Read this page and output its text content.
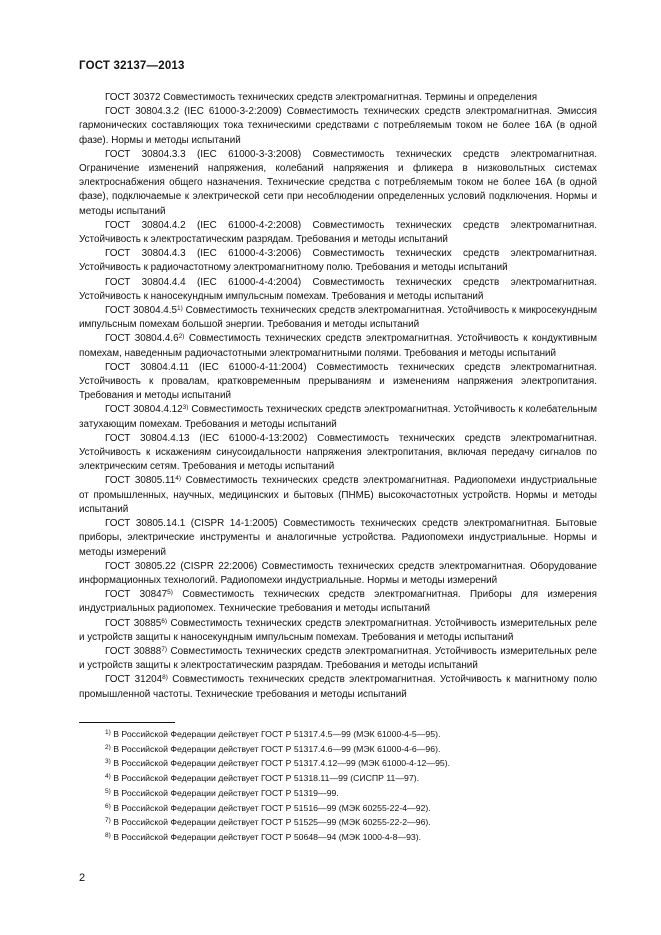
ГОСТ 32137—2013

ГОСТ 30372 Совместимость технических средств электромагнитная. Термины и определения

ГОСТ 30804.3.2 (IEC 61000-3-2:2009) Совместимость технических средств электромагнитная. Эмиссия гармонических составляющих тока техническими средствами с потребляемым током не более 16А (в одной фазе). Нормы и методы испытаний

ГОСТ 30804.3.3 (IEC 61000-3-3:2008) Совместимость технических средств электромагнитная. Ограничение изменений напряжения, колебаний напряжения и фликера в низковольтных системах электроснабжения общего назначения. Технические средства с потребляемым током не более 16А (в одной фазе), подключаемые к электрической сети при несоблюдении определенных условий подключения. Нормы и методы испытаний

ГОСТ 30804.4.2 (IEC 61000-4-2:2008) Совместимость технических средств электромагнитная. Устойчивость к электростатическим разрядам. Требования и методы испытаний

ГОСТ 30804.4.3 (IEC 61000-4-3:2006) Совместимость технических средств электромагнитная. Устойчивость к радиочастотному электромагнитному полю. Требования и методы испытаний

ГОСТ 30804.4.4 (IEC 61000-4-4:2004) Совместимость технических средств электромагнитная. Устойчивость к наносекундным импульсным помехам. Требования и методы испытаний

ГОСТ 30804.4.5$^{1)}$ Совместимость технических средств электромагнитная. Устойчивость к микросекундным импульсным помехам большой энергии. Требования и методы испытаний

ГОСТ 30804.4.6$^{2)}$ Совместимость технических средств электромагнитная. Устойчивость к кондуктивным помехам, наведенным радиочастотными электромагнитными полями. Требования и методы испытаний

ГОСТ 30804.4.11 (IEC 61000-4-11:2004) Совместимость технических средств электромагнитная. Устойчивость к провалам, кратковременным прерываниям и изменениям напряжения электропитания. Требования и методы испытаний

ГОСТ 30804.4.12$^{3)}$ Совместимость технических средств электромагнитная. Устойчивость к колебательным затухающим помехам. Требования и методы испытаний

ГОСТ 30804.4.13 (IEC 61000-4-13:2002) Совместимость технических средств электромагнитная. Устойчивость к искажениям синусоидальности напряжения электропитания, включая передачу сигналов по электрическим сетям. Требования и методы испытаний

ГОСТ 30805.11$^{4)}$ Совместимость технических средств электромагнитная. Радиопомехи индустриальные от промышленных, научных, медицинских и бытовых (ПНМБ) высокочастотных устройств. Нормы и методы испытаний

ГОСТ 30805.14.1 (CISPR 14-1:2005) Совместимость технических средств электромагнитная. Бытовые приборы, электрические инструменты и аналогичные устройства. Радиопомехи индустриальные. Нормы и методы измерений

ГОСТ 30805.22 (CISPR 22:2006) Совместимость технических средств электромагнитная. Оборудование информационных технологий. Радиопомехи индустриальные. Нормы и методы измерений

ГОСТ 30847$^{5)}$ Совместимость технических средств электромагнитная. Приборы для измерения индустриальных радиопомех. Технические требования и методы испытаний

ГОСТ 30885$^{6)}$ Совместимость технических средств электромагнитная. Устойчивость измерительных реле и устройств защиты к наносекундным импульсным помехам. Требования и методы испытаний

ГОСТ 30888$^{7)}$ Совместимость технических средств электромагнитная. Устойчивость измерительных реле и устройств защиты к электростатическим разрядам. Требования и методы испытаний

ГОСТ 31204$^{8)}$ Совместимость технических средств электромагнитная. Устойчивость к магнитному полю промышленной частоты. Технические требования и методы испытаний

$^{1)}$ В Российской Федерации действует ГОСТ Р 51317.4.5—99 (МЭК 61000-4-5—95).

$^{2)}$ В Российской Федерации действует ГОСТ Р 51317.4.6—99 (МЭК 61000-4-6—96).

$^{3)}$ В Российской Федерации действует ГОСТ Р 51317.4.12—99 (МЭК 61000-4-12—95).

$^{4)}$ В Российской Федерации действует ГОСТ Р 51318.11—99 (СИСПР 11—97).

$^{5)}$ В Российской Федерации действует ГОСТ Р 51319—99.

$^{6)}$ В Российской Федерации действует ГОСТ Р 51516—99 (МЭК 60255-22-4—92).

$^{7)}$ В Российской Федерации действует ГОСТ Р 51525—99 (МЭК 60255-22-2—96).

$^{8)}$ В Российской Федерации действует ГОСТ Р 50648—94 (МЭК 1000-4-8—93).

2
